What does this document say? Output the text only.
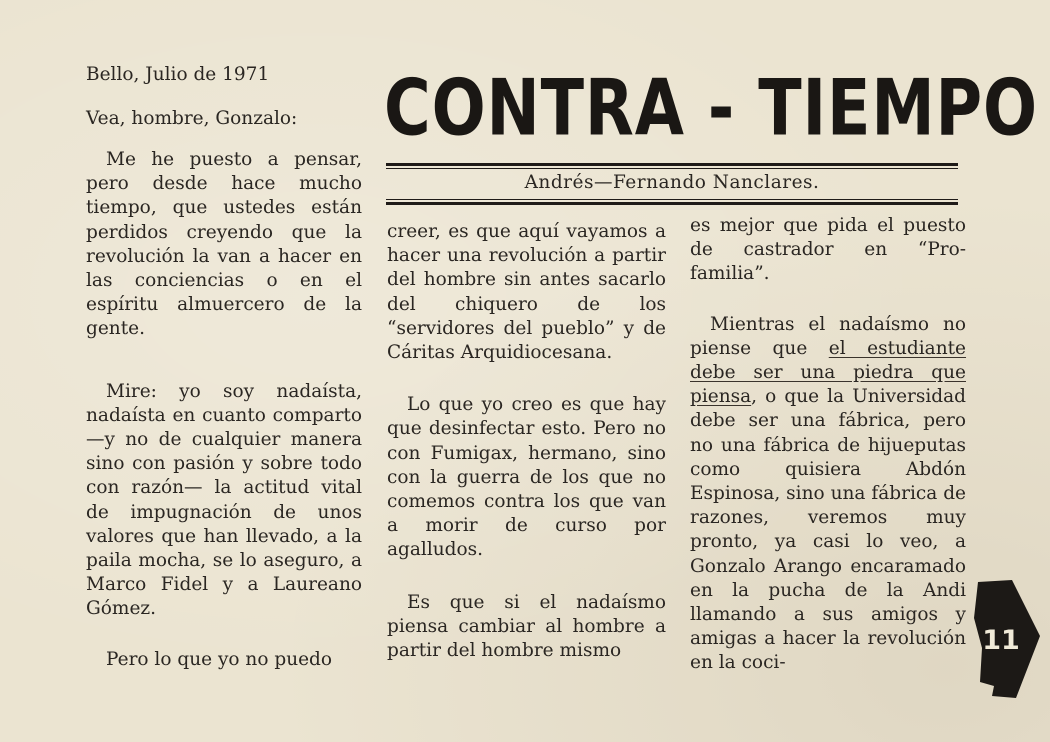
Bello, Julio de 1971
Vea, hombre, Gonzalo:	CONTRA - TIEMPO
Andrés—Fernando Nanclares.

Me he puesto a pensar, pero desde hace mucho tiempo, que ustedes están perdidos creyendo que la revolución la van a hacer en las conciencias o en el espíritu almuercero de la gente.

Mire: yo soy nadaísta, nadaísta en cuanto comparto —y no de cualquier manera sino con pasión y sobre todo con razón— la actitud vital de impugnación de unos valores que han llevado, a la paila mocha, se lo aseguro, a Marco Fidel y a Laureano Gómez.

Pero lo que yo no puedo

creer, es que aquí vayamos a hacer una revolución a partir del hombre sin antes sacarlo del chiquero de los “servidores del pueblo” y de Cáritas Arquidiocesana.

Lo que yo creo es que hay que desinfectar esto. Pero no con Fumigax, hermano, sino con la guerra de los que no comemos contra los que van a morir de curso por agalludos.

Es que si el nadaísmo piensa cambiar al hombre a partir del hombre mismo

es mejor que pida el puesto de castrador en “Pro-familia”.

Mientras el nadaísmo no piense que el estudiante debe ser una piedra que piensa, o que la Universidad debe ser una fábrica, pero no una fábrica de hijueputas como quisiera Abdón Espinosa, sino una fábrica de razones, veremos muy pronto, ya casi lo veo, a Gonzalo Arango encaramado en la pucha de la Andi llamando a sus amigos y amigas a hacer la revolución en la coci-

11
